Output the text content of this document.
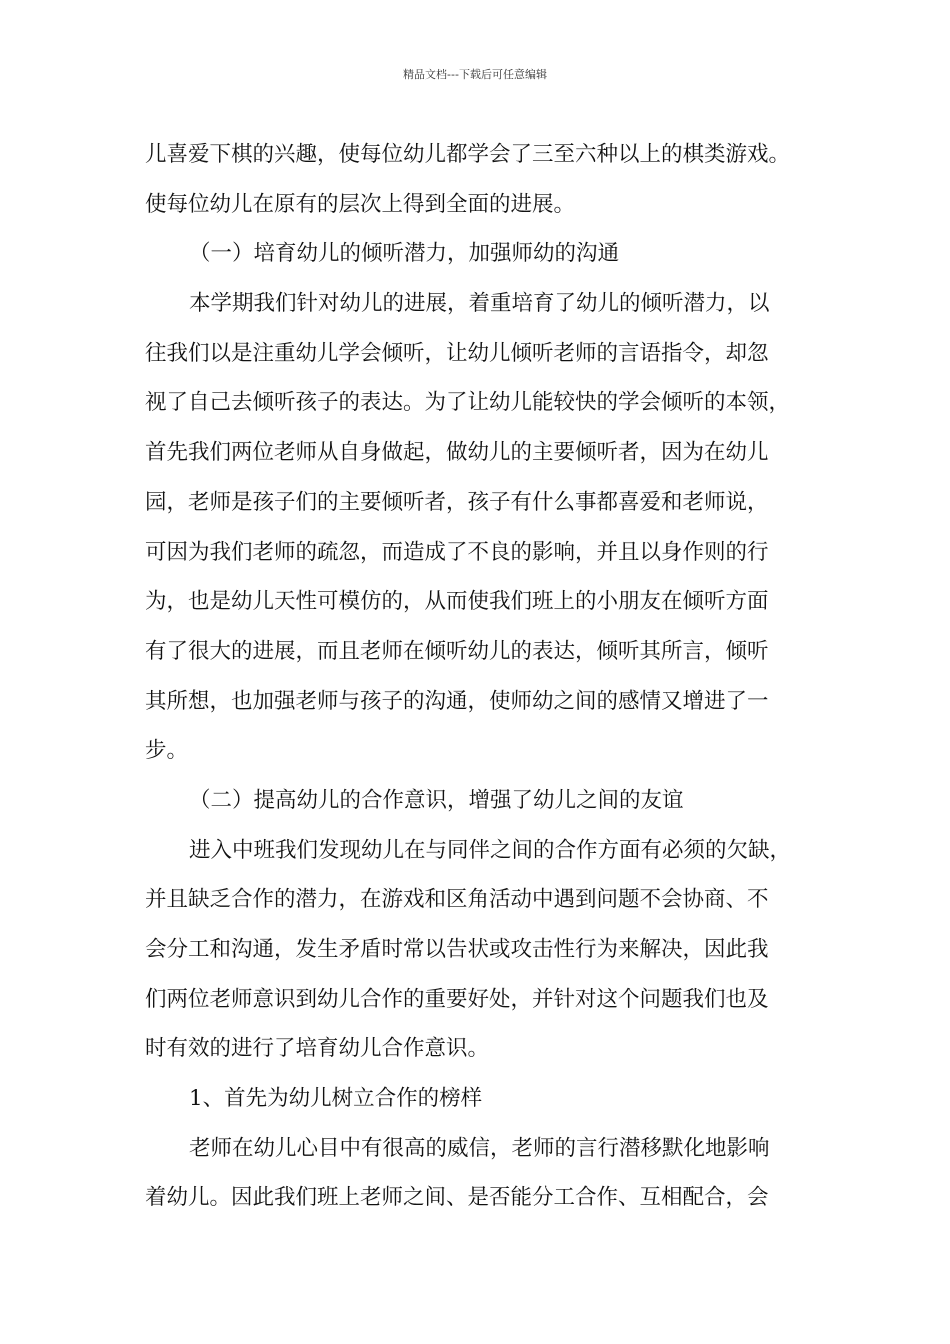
精品文档---下载后可任意编辑
儿喜爱下棋的兴趣，使每位幼儿都学会了三至六种以上的棋类游戏。
使每位幼儿在原有的层次上得到全面的进展。
（一）培育幼儿的倾听潜力，加强师幼的沟通
本学期我们针对幼儿的进展，着重培育了幼儿的倾听潜力，以
往我们以是注重幼儿学会倾听，让幼儿倾听老师的言语指令，却忽
视了自己去倾听孩子的表达。为了让幼儿能较快的学会倾听的本领，
首先我们两位老师从自身做起，做幼儿的主要倾听者，因为在幼儿
园，老师是孩子们的主要倾听者，孩子有什么事都喜爱和老师说，
可因为我们老师的疏忽，而造成了不良的影响，并且以身作则的行
为，也是幼儿天性可模仿的，从而使我们班上的小朋友在倾听方面
有了很大的进展，而且老师在倾听幼儿的表达，倾听其所言，倾听
其所想，也加强老师与孩子的沟通，使师幼之间的感情又增进了一
步。
（二）提高幼儿的合作意识，增强了幼儿之间的友谊
进入中班我们发现幼儿在与同伴之间的合作方面有必须的欠缺，
并且缺乏合作的潜力，在游戏和区角活动中遇到问题不会协商、不
会分工和沟通，发生矛盾时常以告状或攻击性行为来解决，因此我
们两位老师意识到幼儿合作的重要好处，并针对这个问题我们也及
时有效的进行了培育幼儿合作意识。
1、首先为幼儿树立合作的榜样
老师在幼儿心目中有很高的威信，老师的言行潜移默化地影响
着幼儿。因此我们班上老师之间、是否能分工合作、互相配合，会
